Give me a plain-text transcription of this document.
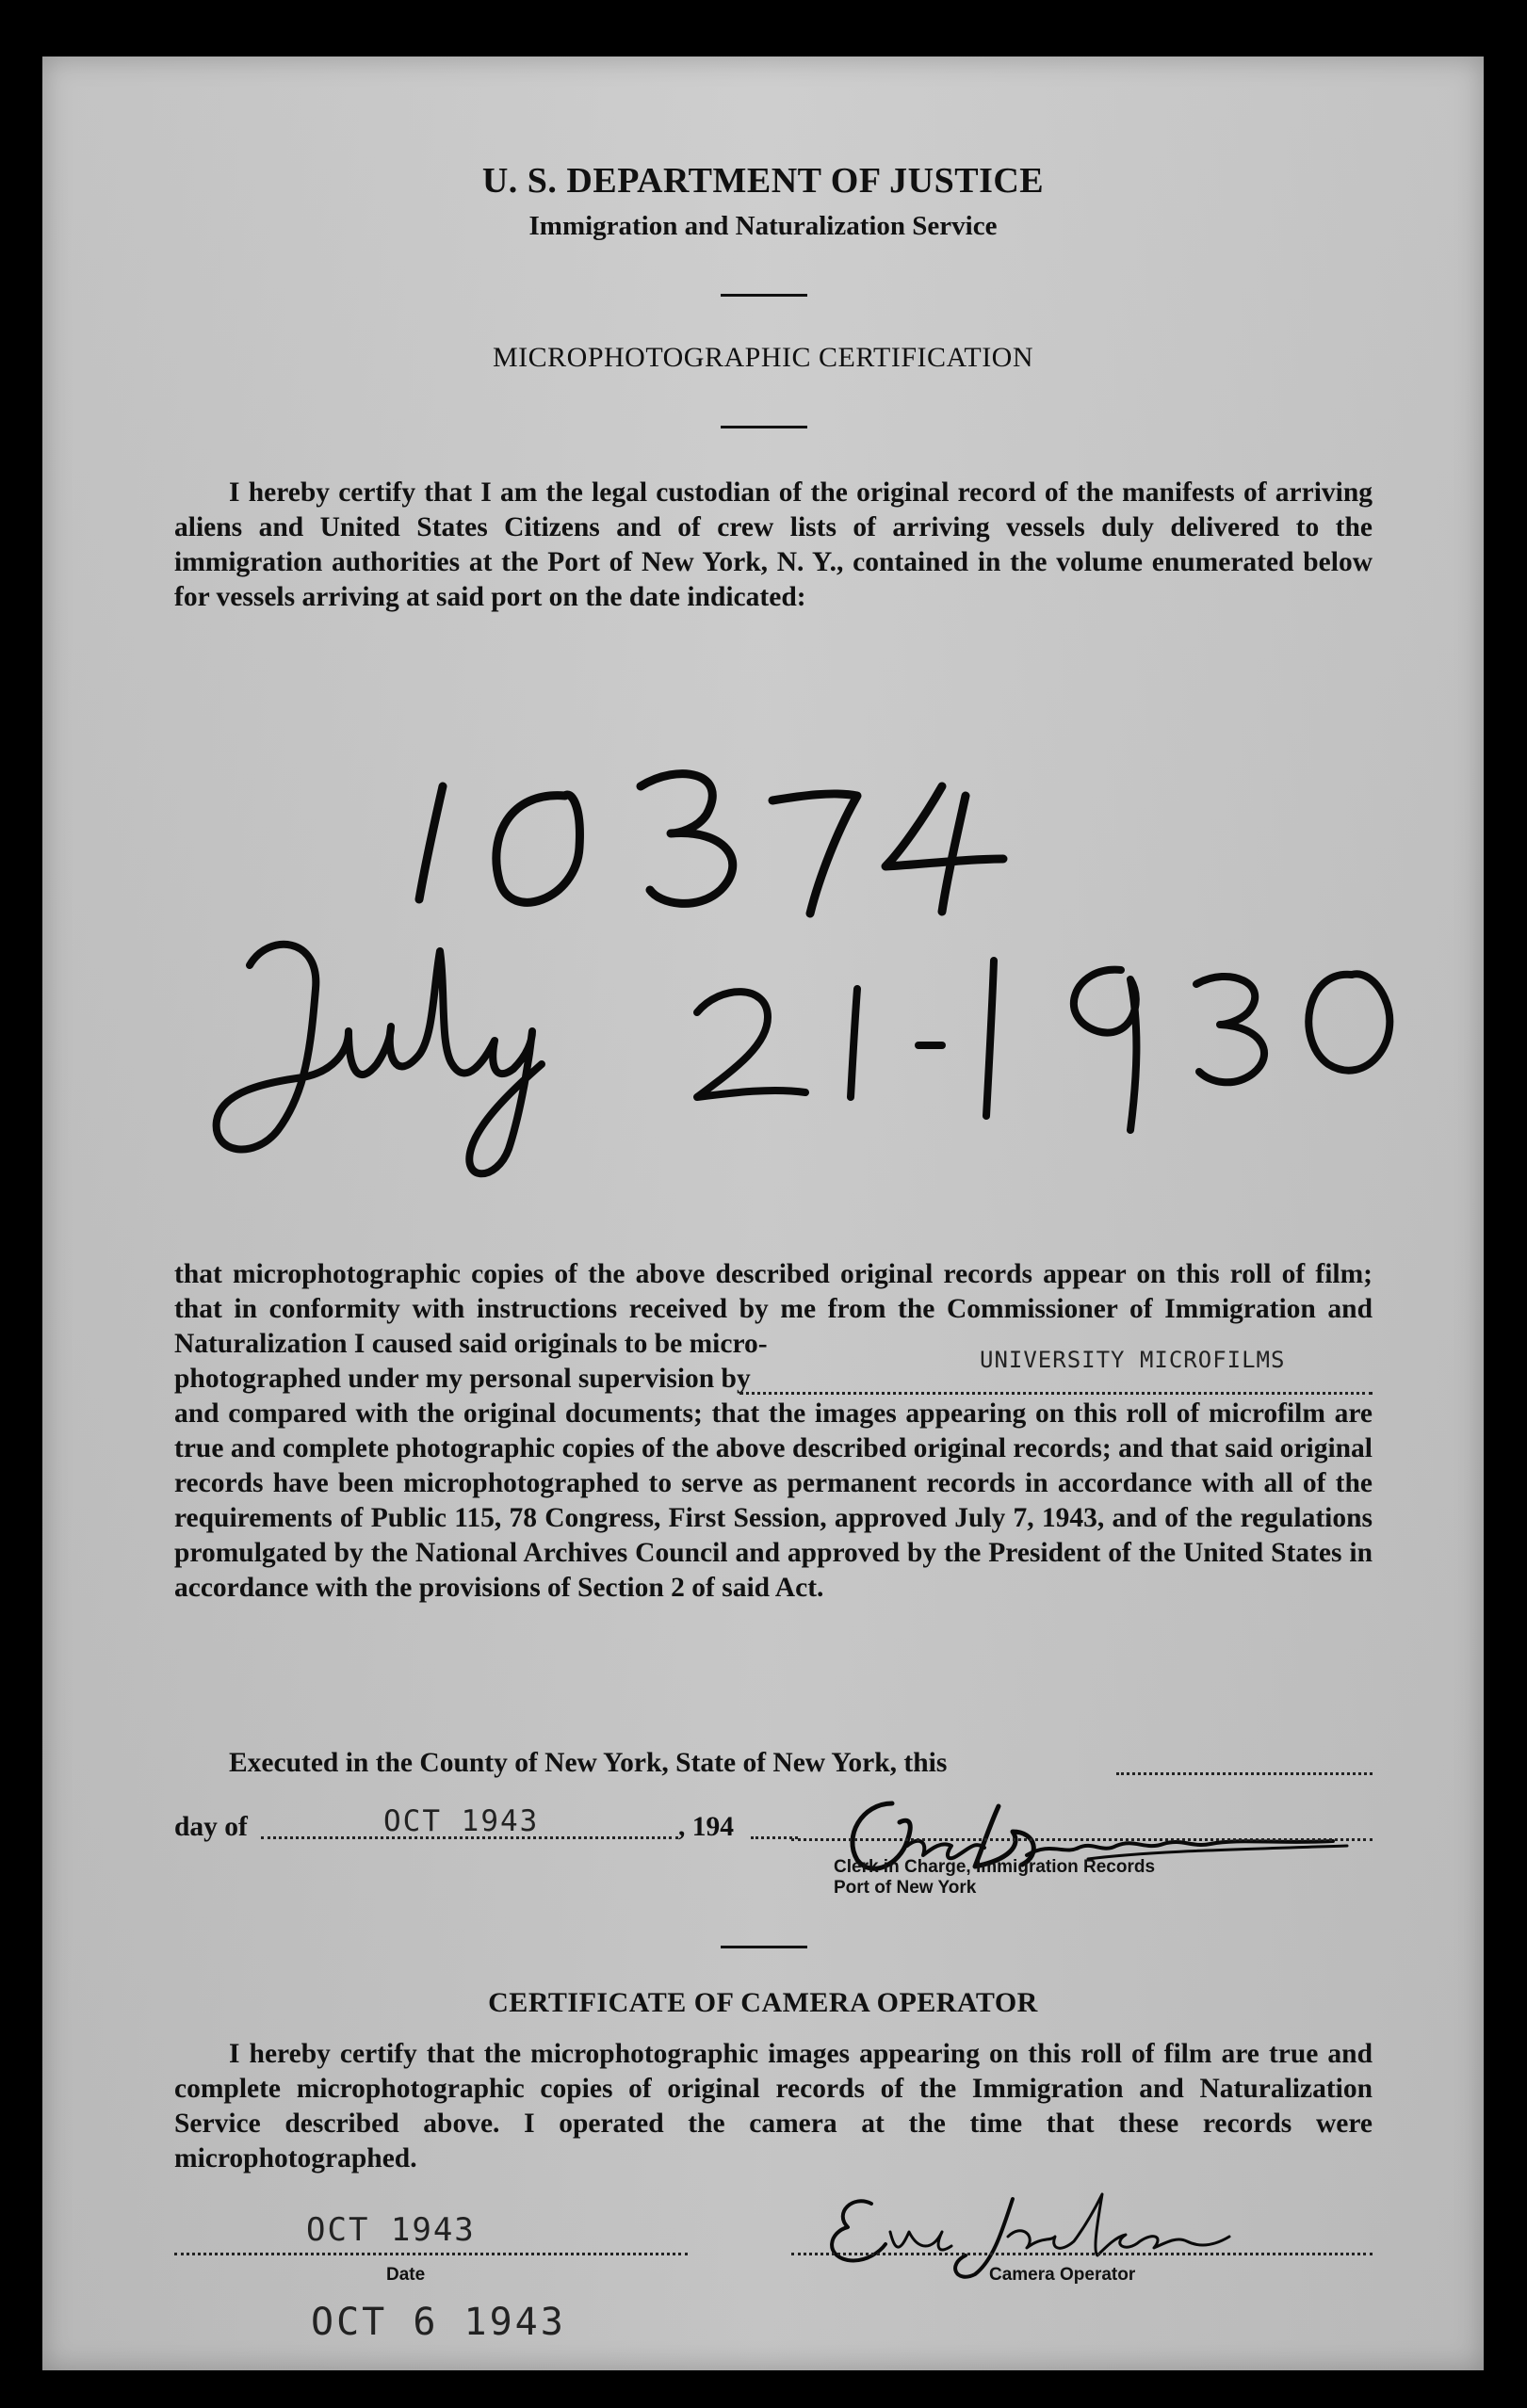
U. S. DEPARTMENT OF JUSTICE
Immigration and Naturalization Service
MICROPHOTOGRAPHIC CERTIFICATION
I hereby certify that I am the legal custodian of the original record of the manifests of arriving aliens and United States Citizens and of crew lists of arriving vessels duly delivered to the immigration authorities at the Port of New York, N. Y., contained in the volume enumerated below for vessels arriving at said port on the date indicated:
that microphotographic copies of the above described original records appear on this roll of film; that in conformity with instructions received by me from the Commissioner of Immigration and Naturalization I caused said originals to be micro-
photographed under my personal supervision by
UNIVERSITY MICROFILMS
and compared with the original documents; that the images appearing on this roll of microfilm are true and complete photographic copies of the above described original records; and that said original records have been microphotographed to serve as permanent records in accordance with all of the requirements of Public 115, 78 Congress, First Session, approved July 7, 1943, and of the regulations promulgated by the National Archives Council and approved by the President of the United States in accordance with the provisions of Section 2 of said Act.
Executed in the County of New York, State of New York, this
day of	OCT 1943	, 194
Clerk in Charge, Immigration Records
Port of New York
CERTIFICATE OF CAMERA OPERATOR
I hereby certify that the microphotographic images appearing on this roll of film are true and complete microphotographic copies of original records of the Immigration and Naturalization Service described above. I operated the camera at the time that these records were microphotographed.
OCT 1943
Date	Camera Operator
OCT 6 1943
